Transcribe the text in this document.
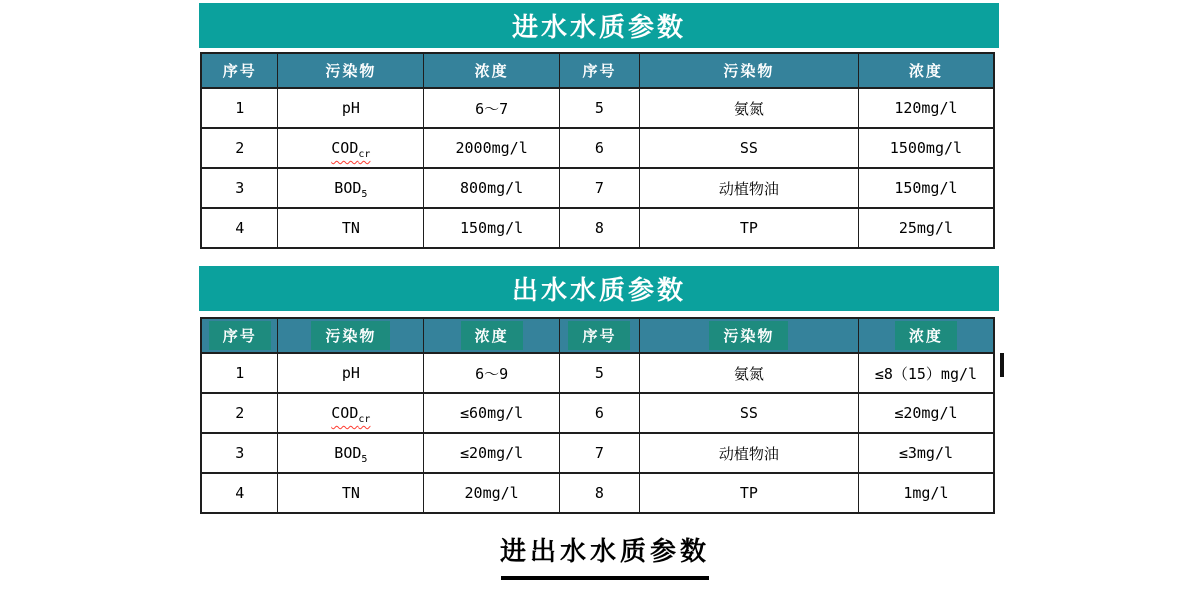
进水水质参数
序号	污染物	浓度	序号	污染物	浓度
1	pH	6～7	5	氨氮	120mg/l
2	$COD_{cr}$	2000mg/l	6	SS	1500mg/l
3	$BOD_5$	800mg/l	7	动植物油	150mg/l
4	TN	150mg/l	8	TP	25mg/l
出水水质参数
序号	污染物	浓度	序号	污染物	浓度
1	pH	6～9	5	氨氮	≤8（15）mg/l
2	$COD_{cr}$	≤60mg/l	6	SS	≤20mg/l
3	$BOD_5$	≤20mg/l	7	动植物油	≤3mg/l
4	TN	20mg/l	8	TP	1mg/l
进出水水质参数
